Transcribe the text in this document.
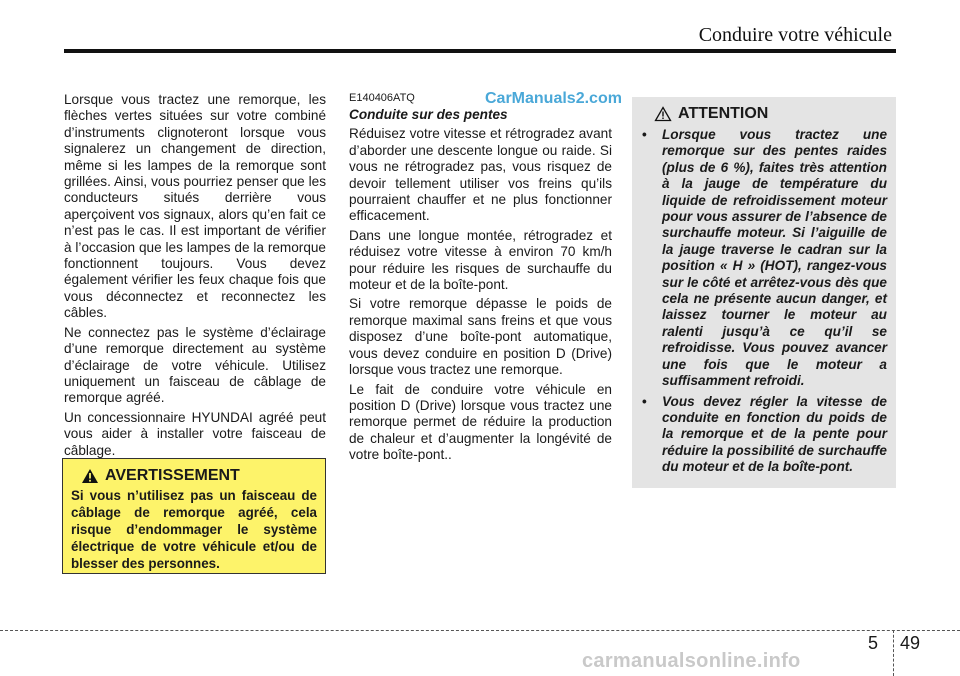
Conduire votre véhicule

Lorsque vous tractez une remorque, les flèches vertes situées sur votre combiné d’instruments clignoteront lorsque vous signalerez un changement de direction, même si les lampes de la remorque sont grillées. Ainsi, vous pourriez penser que les conducteurs situés derrière vous aperçoivent vos signaux, alors qu’en fait ce n’est pas le cas. Il est important de vérifier à l’occasion que les lampes de la remorque fonctionnent toujours. Vous devez également vérifier les feux chaque fois que vous déconnectez et reconnectez les câbles.

Ne connectez pas le système d’éclairage d’une remorque directement au système d’éclairage de votre véhicule. Utilisez uniquement un faisceau de câblage de remorque agréé.

Un concessionnaire HYUNDAI agréé peut vous aider à installer votre faisceau de câblage.

AVERTISSEMENT
Si vous n’utilisez pas un faisceau de câblage de remorque agréé, cela risque d’endommager le système électrique de votre véhicule et/ou de blesser des personnes.
E140406ATQ
Conduite sur des pentes

Réduisez votre vitesse et rétrogradez avant d’aborder une descente longue ou raide. Si vous ne rétrogradez pas, vous risquez de devoir tellement utiliser vos freins qu’ils pourraient chauffer et ne plus fonctionner efficacement.

Dans une longue montée, rétrogradez et réduisez votre vitesse à environ 70 km/h pour réduire les risques de surchauffe du moteur et de la boîte-pont.

Si votre remorque dépasse le poids de remorque maximal sans freins et que vous disposez d’une boîte-pont automatique, vous devez conduire en position D (Drive) lorsque vous tractez une remorque.

Le fait de conduire votre véhicule en position D (Drive) lorsque vous tractez une remorque permet de réduire la production de chaleur et d’augmenter la longévité de votre boîte-pont..

CarManuals2.com
ATTENTION
• Lorsque vous tractez une remorque sur des pentes raides (plus de 6 %), faites très attention à la jauge de température du liquide de refroidissement moteur pour vous assurer de l’absence de surchauffe moteur. Si l’aiguille de la jauge traverse le cadran sur la position « H » (HOT), rangez-vous sur le côté et arrêtez-vous dès que cela ne présente aucun danger, et laissez tourner le moteur au ralenti jusqu’à ce qu’il se refroidisse. Vous pouvez avancer une fois que le moteur a suffisamment refroidi.
• Vous devez régler la vitesse de conduite en fonction du poids de la remorque et de la pente pour réduire la possibilité de surchauffe du moteur et de la boîte-pont.
5 49
carmanualsonline.info
